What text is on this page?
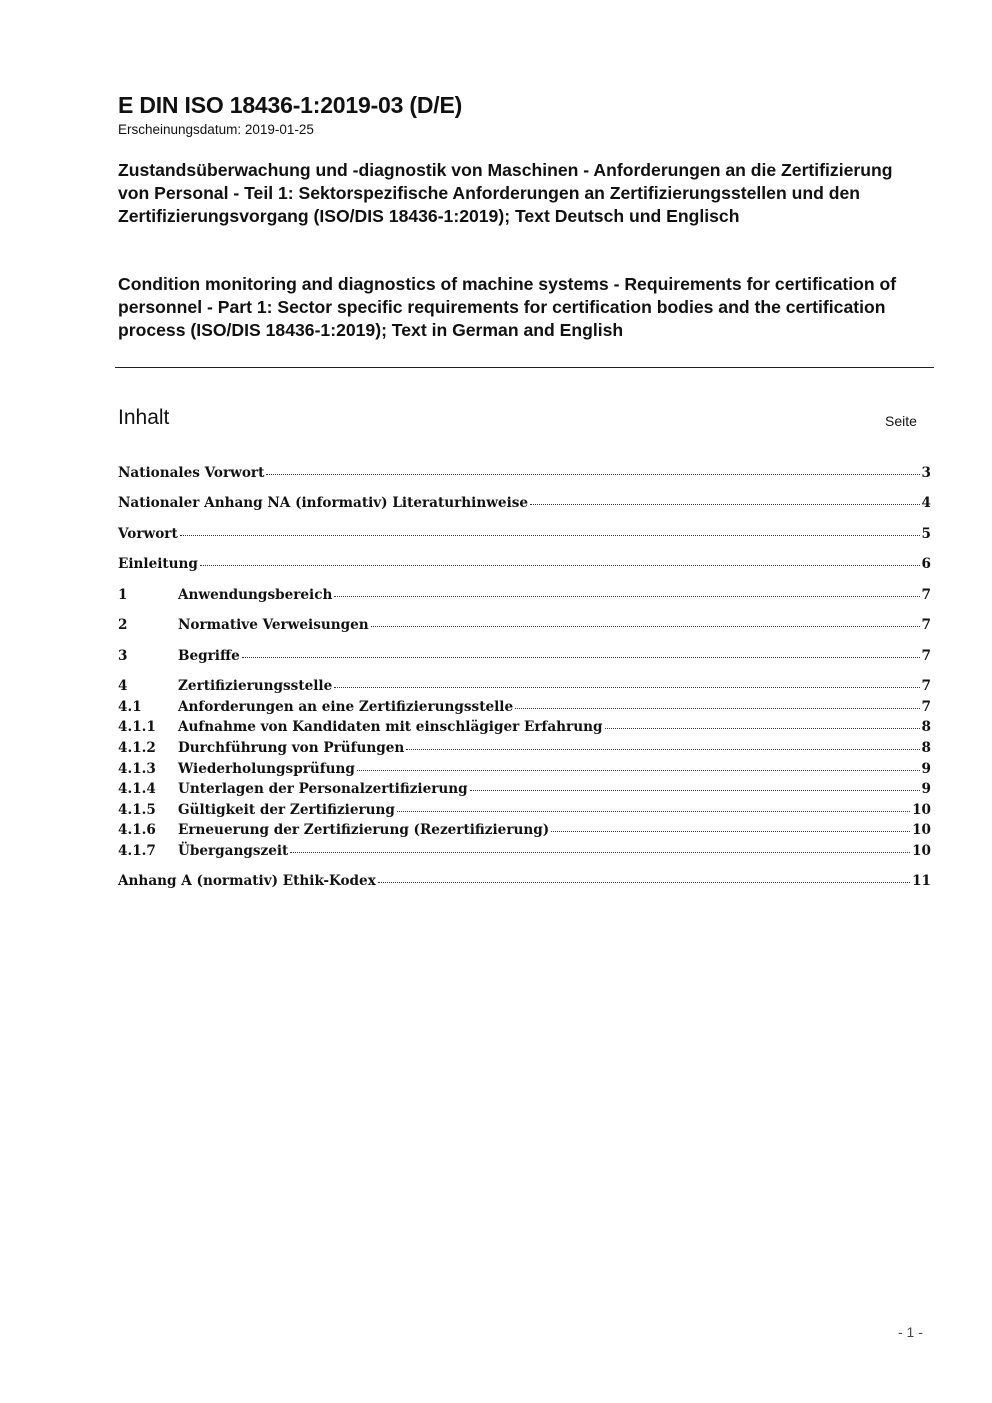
E DIN ISO 18436-1:2019-03 (D/E)
Erscheinungsdatum: 2019-01-25
Zustandsüberwachung und -diagnostik von Maschinen - Anforderungen an die Zertifizierung von Personal - Teil 1: Sektorspezifische Anforderungen an Zertifizierungsstellen und den Zertifizierungsvorgang (ISO/DIS 18436-1:2019); Text Deutsch und Englisch
Condition monitoring and diagnostics of machine systems - Requirements for certification of personnel - Part 1: Sector specific requirements for certification bodies and the certification process (ISO/DIS 18436-1:2019); Text in German and English
Inhalt	Seite
Nationales Vorwort	3
Nationaler Anhang NA (informativ) Literaturhinweise	4
Vorwort	5
Einleitung	6
1	Anwendungsbereich	7
2	Normative Verweisungen	7
3	Begriffe	7
4	Zertifizierungsstelle	7
4.1	Anforderungen an eine Zertifizierungsstelle	7
4.1.1	Aufnahme von Kandidaten mit einschlägiger Erfahrung	8
4.1.2	Durchführung von Prüfungen	8
4.1.3	Wiederholungsprüfung	9
4.1.4	Unterlagen der Personalzertifizierung	9
4.1.5	Gültigkeit der Zertifizierung	10
4.1.6	Erneuerung der Zertifizierung (Rezertifizierung)	10
4.1.7	Übergangszeit	10
Anhang A (normativ) Ethik-Kodex	11
- 1 -
